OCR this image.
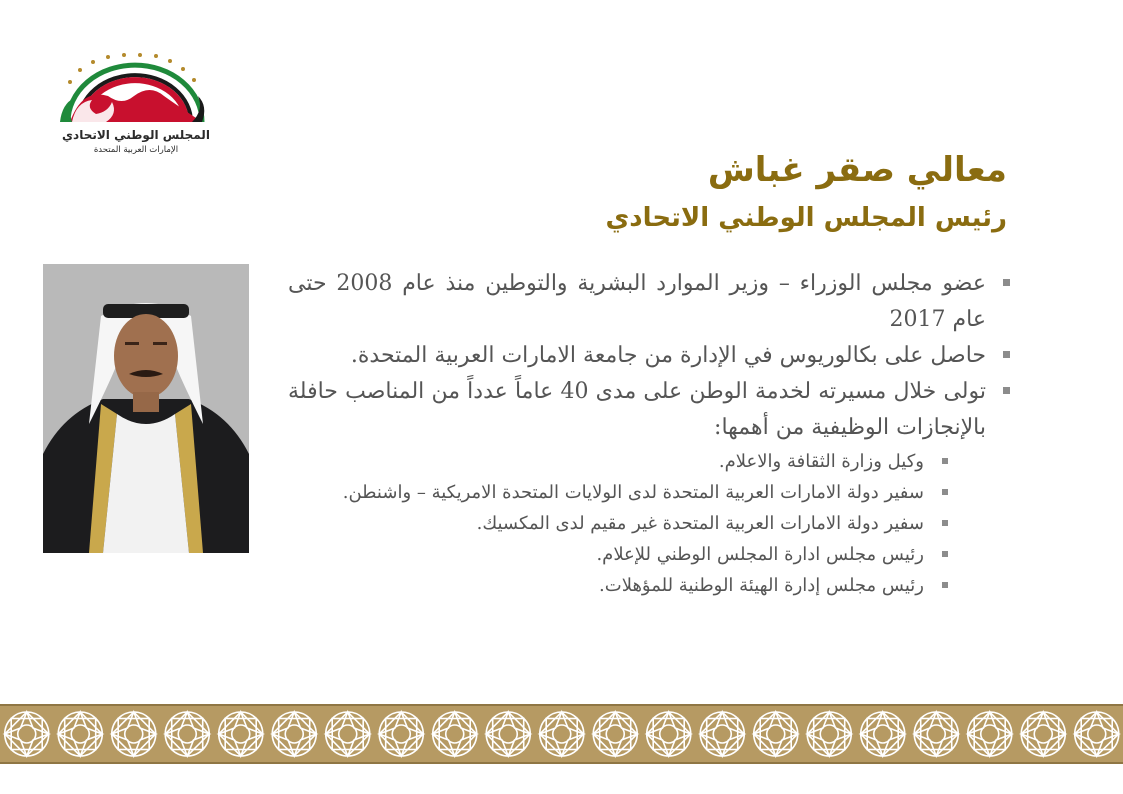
المجلس الوطني الاتحادي
الإمارات العربية المتحدة	معالي صقر غباش
رئيس المجلس الوطني الاتحادي
عضو مجلس الوزراء – وزير الموارد البشرية والتوطين منذ عام 2008 حتى عام 2017
حاصل على بكالوريوس في الإدارة من جامعة الامارات العربية المتحدة.
تولى خلال مسيرته لخدمة الوطن على مدى 40 عاماً عدداً من المناصب حافلة بالإنجازات الوظيفية من أهمها:
وكيل وزارة الثقافة والاعلام.
سفير دولة الامارات العربية المتحدة لدى الولايات المتحدة الامريكية – واشنطن.
سفير دولة الامارات العربية المتحدة غير مقيم لدى المكسيك.
رئيس مجلس ادارة المجلس الوطني للإعلام.
رئيس مجلس إدارة الهيئة الوطنية للمؤهلات.
